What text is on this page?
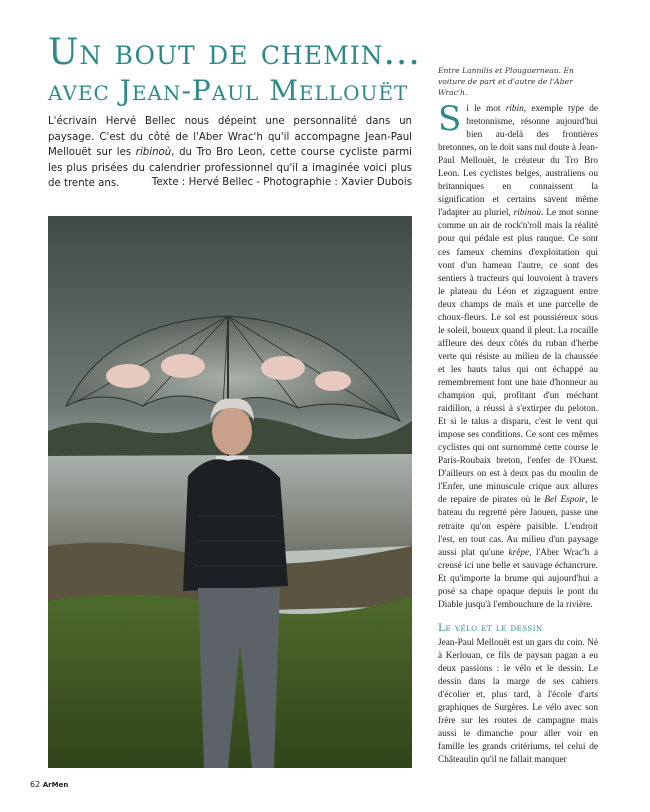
Un bout de chemin...
avec Jean-Paul Mellouët
L'écrivain Hervé Bellec nous dépeint une personnalité dans un paysage. C'est du côté de l'Aber Wrac'h qu'il accompagne Jean-Paul Mellouët sur les ribinoù, du Tro Bro Leon, cette course cycliste parmi les plus prisées du calendrier professionnel qu'il a imaginée voici plus de trente ans.	Texte : Hervé Bellec - Photographie : Xavier Dubois
Entre Lannilis et Plouguerneau. En voiture de part et d'autre de l'Aber Wrac'h.

Si le mot ribin, exemple type de bretonnisme, résonne aujourd'hui bien au-delà des frontières bretonnes, on le doit sans nul doute à Jean-Paul Mellouët, le créateur du Tro Bro Leon. Les cyclistes belges, australiens ou britanniques en connaissent la signification et certains savent même l'adapter au pluriel, ribinoù. Le mot sonne comme un air de rock'n'roll mais la réalité pour qui pédale est plus rauque. Ce sont ces fameux chemins d'exploitation qui vont d'un hameau l'autre, ce sont des sentiers à tracteurs qui louvoient à travers le plateau du Léon et zigzaguent entre deux champs de maïs et une parcelle de choux-fleurs. Le sol est poussiéreux sous le soleil, boueux quand il pleut. La rocaille affleure des deux côtés du ruban d'herbe verte qui résiste au milieu de la chaussée et les hauts talus qui ont échappé au remembrement font une haie d'honneur au champion qui, profitant d'un méchant raidillon, a réussi à s'extirper du peloton. Et si le talus a disparu, c'est le vent qui impose ses conditions. Ce sont ces mêmes cyclistes qui ont surnommé cette course le Paris-Roubaix breton, l'enfer de l'Ouest. D'ailleurs on est à deux pas du moulin de l'Enfer, une minuscule crique aux allures de repaire de pirates où le Bel Espoir, le bateau du regretté père Jaouen, passe une retraite qu'on espère paisible. L'endroit l'est, en tout cas. Au milieu d'un paysage aussi plat qu'une krêpe, l'Aber Wrac'h a creusé ici une belle et sauvage échancrure. Et qu'importe la brume qui aujourd'hui a posé sa chape opaque depuis le pont du Diable jusqu'à l'embouchure de la rivière.

Le vélo et le dessin

Jean-Paul Mellouët est un gars du coin. Né à Kerlouan, ce fils de paysan pagan a eu deux passions : le vélo et le dessin. Le dessin dans la marge de ses cahiers d'écolier et, plus tard, à l'école d'arts graphiques de Surgères. Le vélo avec son frère sur les routes de campagne mais aussi le dimanche pour aller voir en famille les grands critériums, tel celui de Châteaulin qu'il ne fallait manquer

62 ArMen
